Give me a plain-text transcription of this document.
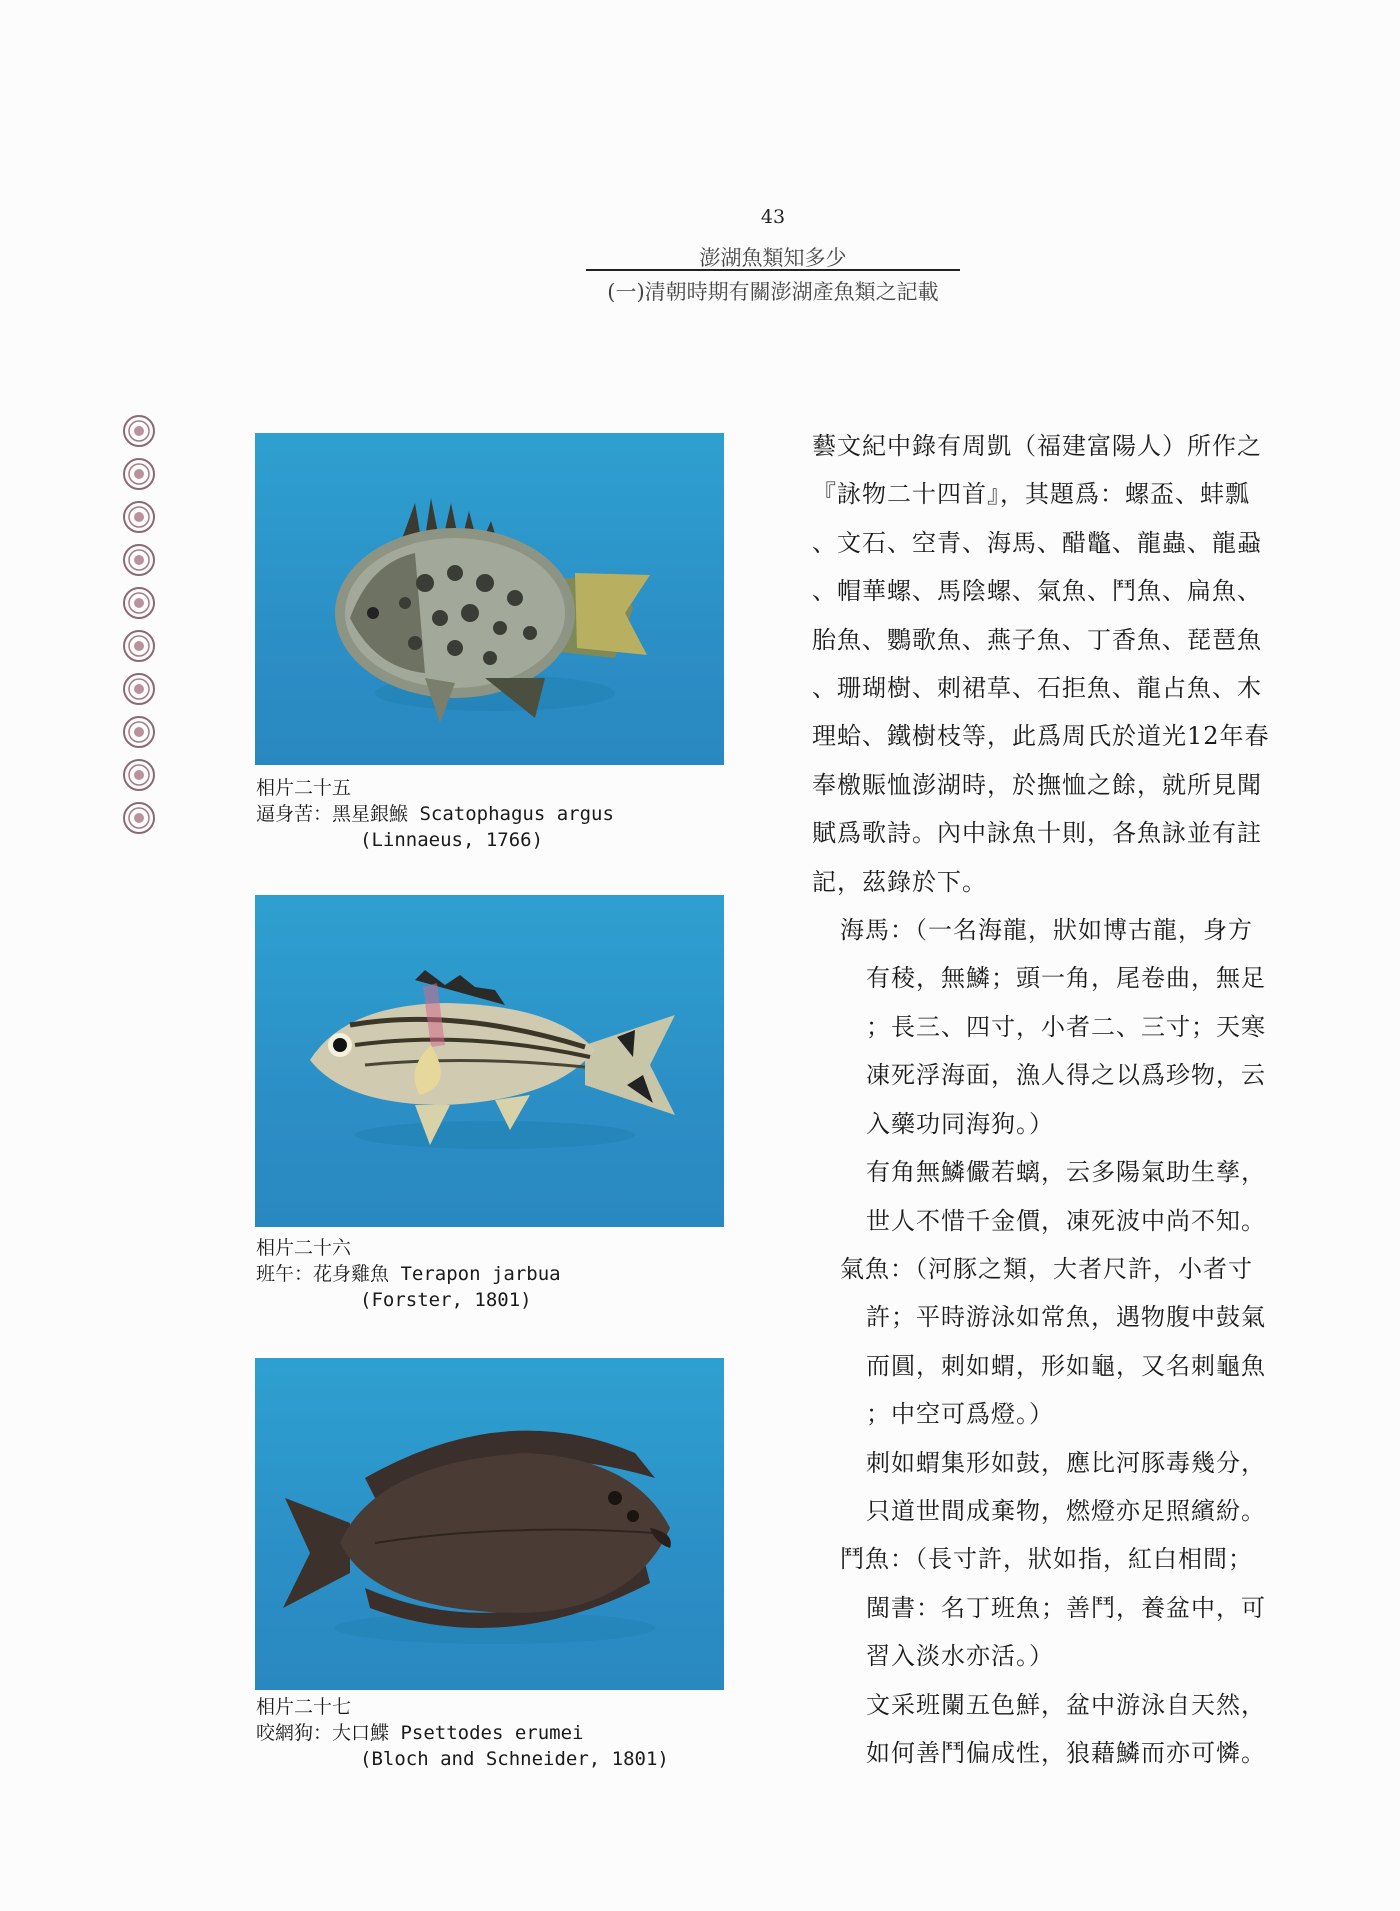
43
澎湖魚類知多少
(一)清朝時期有關澎湖產魚類之記載
相片二十五
逼身苦：黑星銀鯸 Scatophagus argus
(Linnaeus, 1766)
相片二十六
班午：花身雞魚 Terapon jarbua
(Forster, 1801)
相片二十七
咬網狗：大口鰈 Psettodes erumei
(Bloch and Schneider, 1801)

藝文紀中錄有周凱（福建富陽人）所作之

『詠物二十四首』，其題爲：螺盃、蚌瓢

、文石、空青、海馬、醋鼈、龍蟲、龍蝨

、帽華螺、馬陰螺、氣魚、鬥魚、扁魚、

胎魚、鸚歌魚、燕子魚、丁香魚、琵琶魚

、珊瑚樹、刺裙草、石拒魚、龍占魚、木

理蛤、鐵樹枝等，此爲周氏於道光12年春

奉檄賑恤澎湖時，於撫恤之餘，就所見聞

賦爲歌詩。內中詠魚十則，各魚詠並有註

記，茲錄於下。

海馬：（一名海龍，狀如博古龍，身方

有稜，無鱗；頭一角，尾卷曲，無足

；長三、四寸，小者二、三寸；天寒

凍死浮海面，漁人得之以爲珍物，云

入藥功同海狗。）

有角無鱗儼若螭，云多陽氣助生孳，

世人不惜千金價，凍死波中尚不知。

氣魚：（河豚之類，大者尺許，小者寸

許；平時游泳如常魚，遇物腹中鼓氣

而圓，刺如蝟，形如龜，又名刺龜魚

；中空可爲燈。）

刺如蝟集形如鼓，應比河豚毒幾分，

只道世間成棄物，燃燈亦足照繽紛。

鬥魚：（長寸許，狀如指，紅白相間；

閩書：名丁班魚；善鬥，養盆中，可

習入淡水亦活。）

文采班闌五色鮮，盆中游泳自天然，

如何善鬥偏成性，狼藉鱗而亦可憐。
